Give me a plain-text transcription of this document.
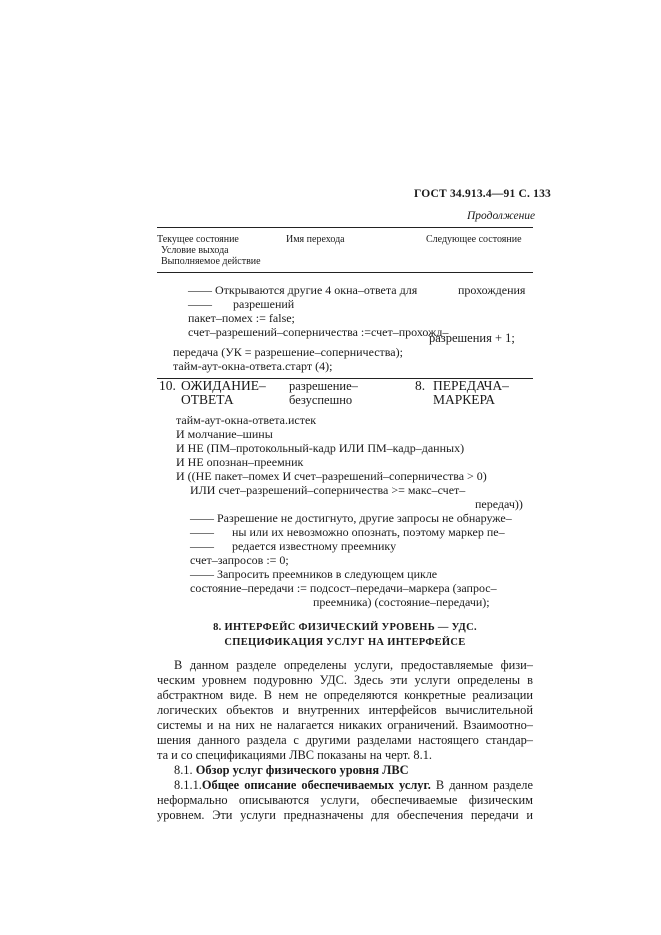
ГОСТ 34.913.4—91 С. 133
Продолжение
Текущее состояние
Условие выхода
Выполняемое действие
Имя перехода	Следующее состояние
—— Открываются другие 4 окна–ответа для	прохождения
—— разрешений
пакет–помех := false;
счет–разрешений–соперничества :=счет–прохожд–
разрешения + 1;
передача (УК = разрешение–соперничества);
тайм-аут-окна-ответа.старт (4);
10. ОЖИДАНИЕ–
ОТВЕТА
разрешение–
безуспешно
8. ПЕРЕДАЧА–
МАРКЕРА
тайм-аут-окна-ответа.истек
И молчание–шины
И НЕ (ПМ–протокольный-кадр ИЛИ ПМ–кадр–данных)
И НЕ опознан–преемник
И ((НЕ пакет–помех И счет–разрешений–соперничества > 0)
ИЛИ счет–разрешений–соперничества >= макс–счет–
передач))
—— Разрешение не достигнуто, другие запросы не обнаруже–
—— ны или их невозможно опознать, поэтому маркер пе–
—— редается известному преемнику
счет–запросов := 0;
—— Запросить преемников в следующем цикле
состояние–передачи := подсост–передачи–маркера (запрос–
преемника) (состояние–передачи);
8. ИНТЕРФЕЙС ФИЗИЧЕСКИЙ УРОВЕНЬ — УДС.
СПЕЦИФИКАЦИЯ УСЛУГ НА ИНТЕРФЕЙСЕ
В данном разделе определены услуги, предоставляемые физи–
ческим уровнем подуровню УДС. Здесь эти услуги определены в
абстрактном виде. В нем не определяются конкретные реализации
логических объектов и внутренних интерфейсов вычислительной
системы и на них не налагается никаких ограничений. Взаимоотно–
шения данного раздела с другими разделами настоящего стандар–
та и со спецификациями ЛВС показаны на черт. 8.1.
8.1. Обзор услуг физического уровня ЛВС
8.1.1.Общее описание обеспечиваемых услуг. В данном разделе
неформально описываются услуги, обеспечиваемые физическим
уровнем. Эти услуги предназначены для обеспечения передачи и
